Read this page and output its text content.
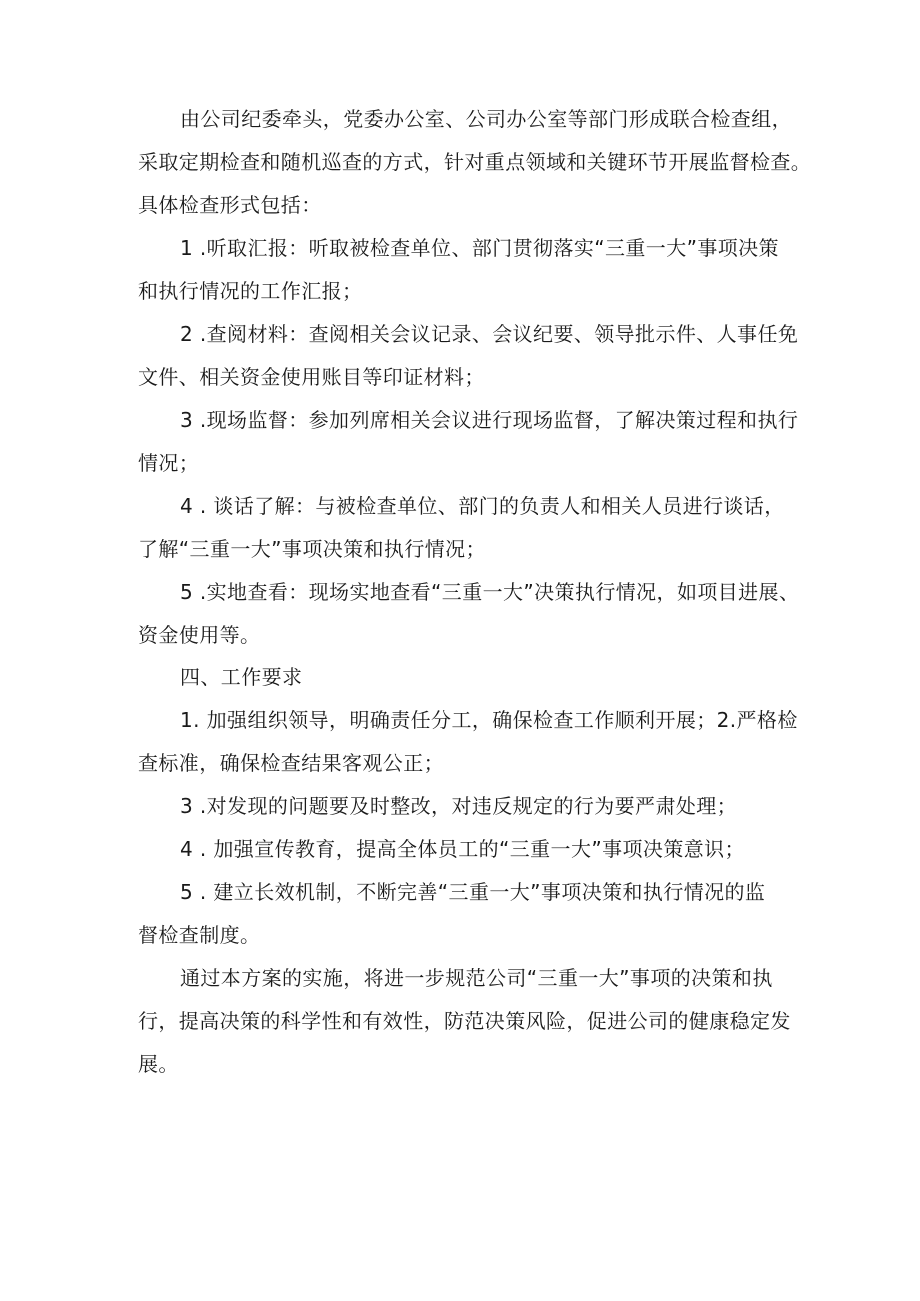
由公司纪委牵头，党委办公室、公司办公室等部门形成联合检查组，
采取定期检查和随机巡查的方式，针对重点领域和关键环节开展监督检查。
具体检查形式包括：
1 .听取汇报：听取被检查单位、部门贯彻落实“三重一大”事项决策
和执行情况的工作汇报；
2 .查阅材料：查阅相关会议记录、会议纪要、领导批示件、人事任免
文件、相关资金使用账目等印证材料；
3 .现场监督：参加列席相关会议进行现场监督，了解决策过程和执行
情况；
4 . 谈话了解：与被检查单位、部门的负责人和相关人员进行谈话，
了解“三重一大”事项决策和执行情况；
5 .实地查看：现场实地查看“三重一大”决策执行情况，如项目进展、
资金使用等。
四、工作要求
1. 加强组织领导，明确责任分工，确保检查工作顺利开展；2.严格检
查标准，确保检查结果客观公正；
3 .对发现的问题要及时整改，对违反规定的行为要严肃处理；
4 . 加强宣传教育，提高全体员工的“三重一大”事项决策意识；
5 . 建立长效机制，不断完善“三重一大”事项决策和执行情况的监
督检查制度。
通过本方案的实施，将进一步规范公司“三重一大”事项的决策和执
行，提高决策的科学性和有效性，防范决策风险，促进公司的健康稳定发
展。
